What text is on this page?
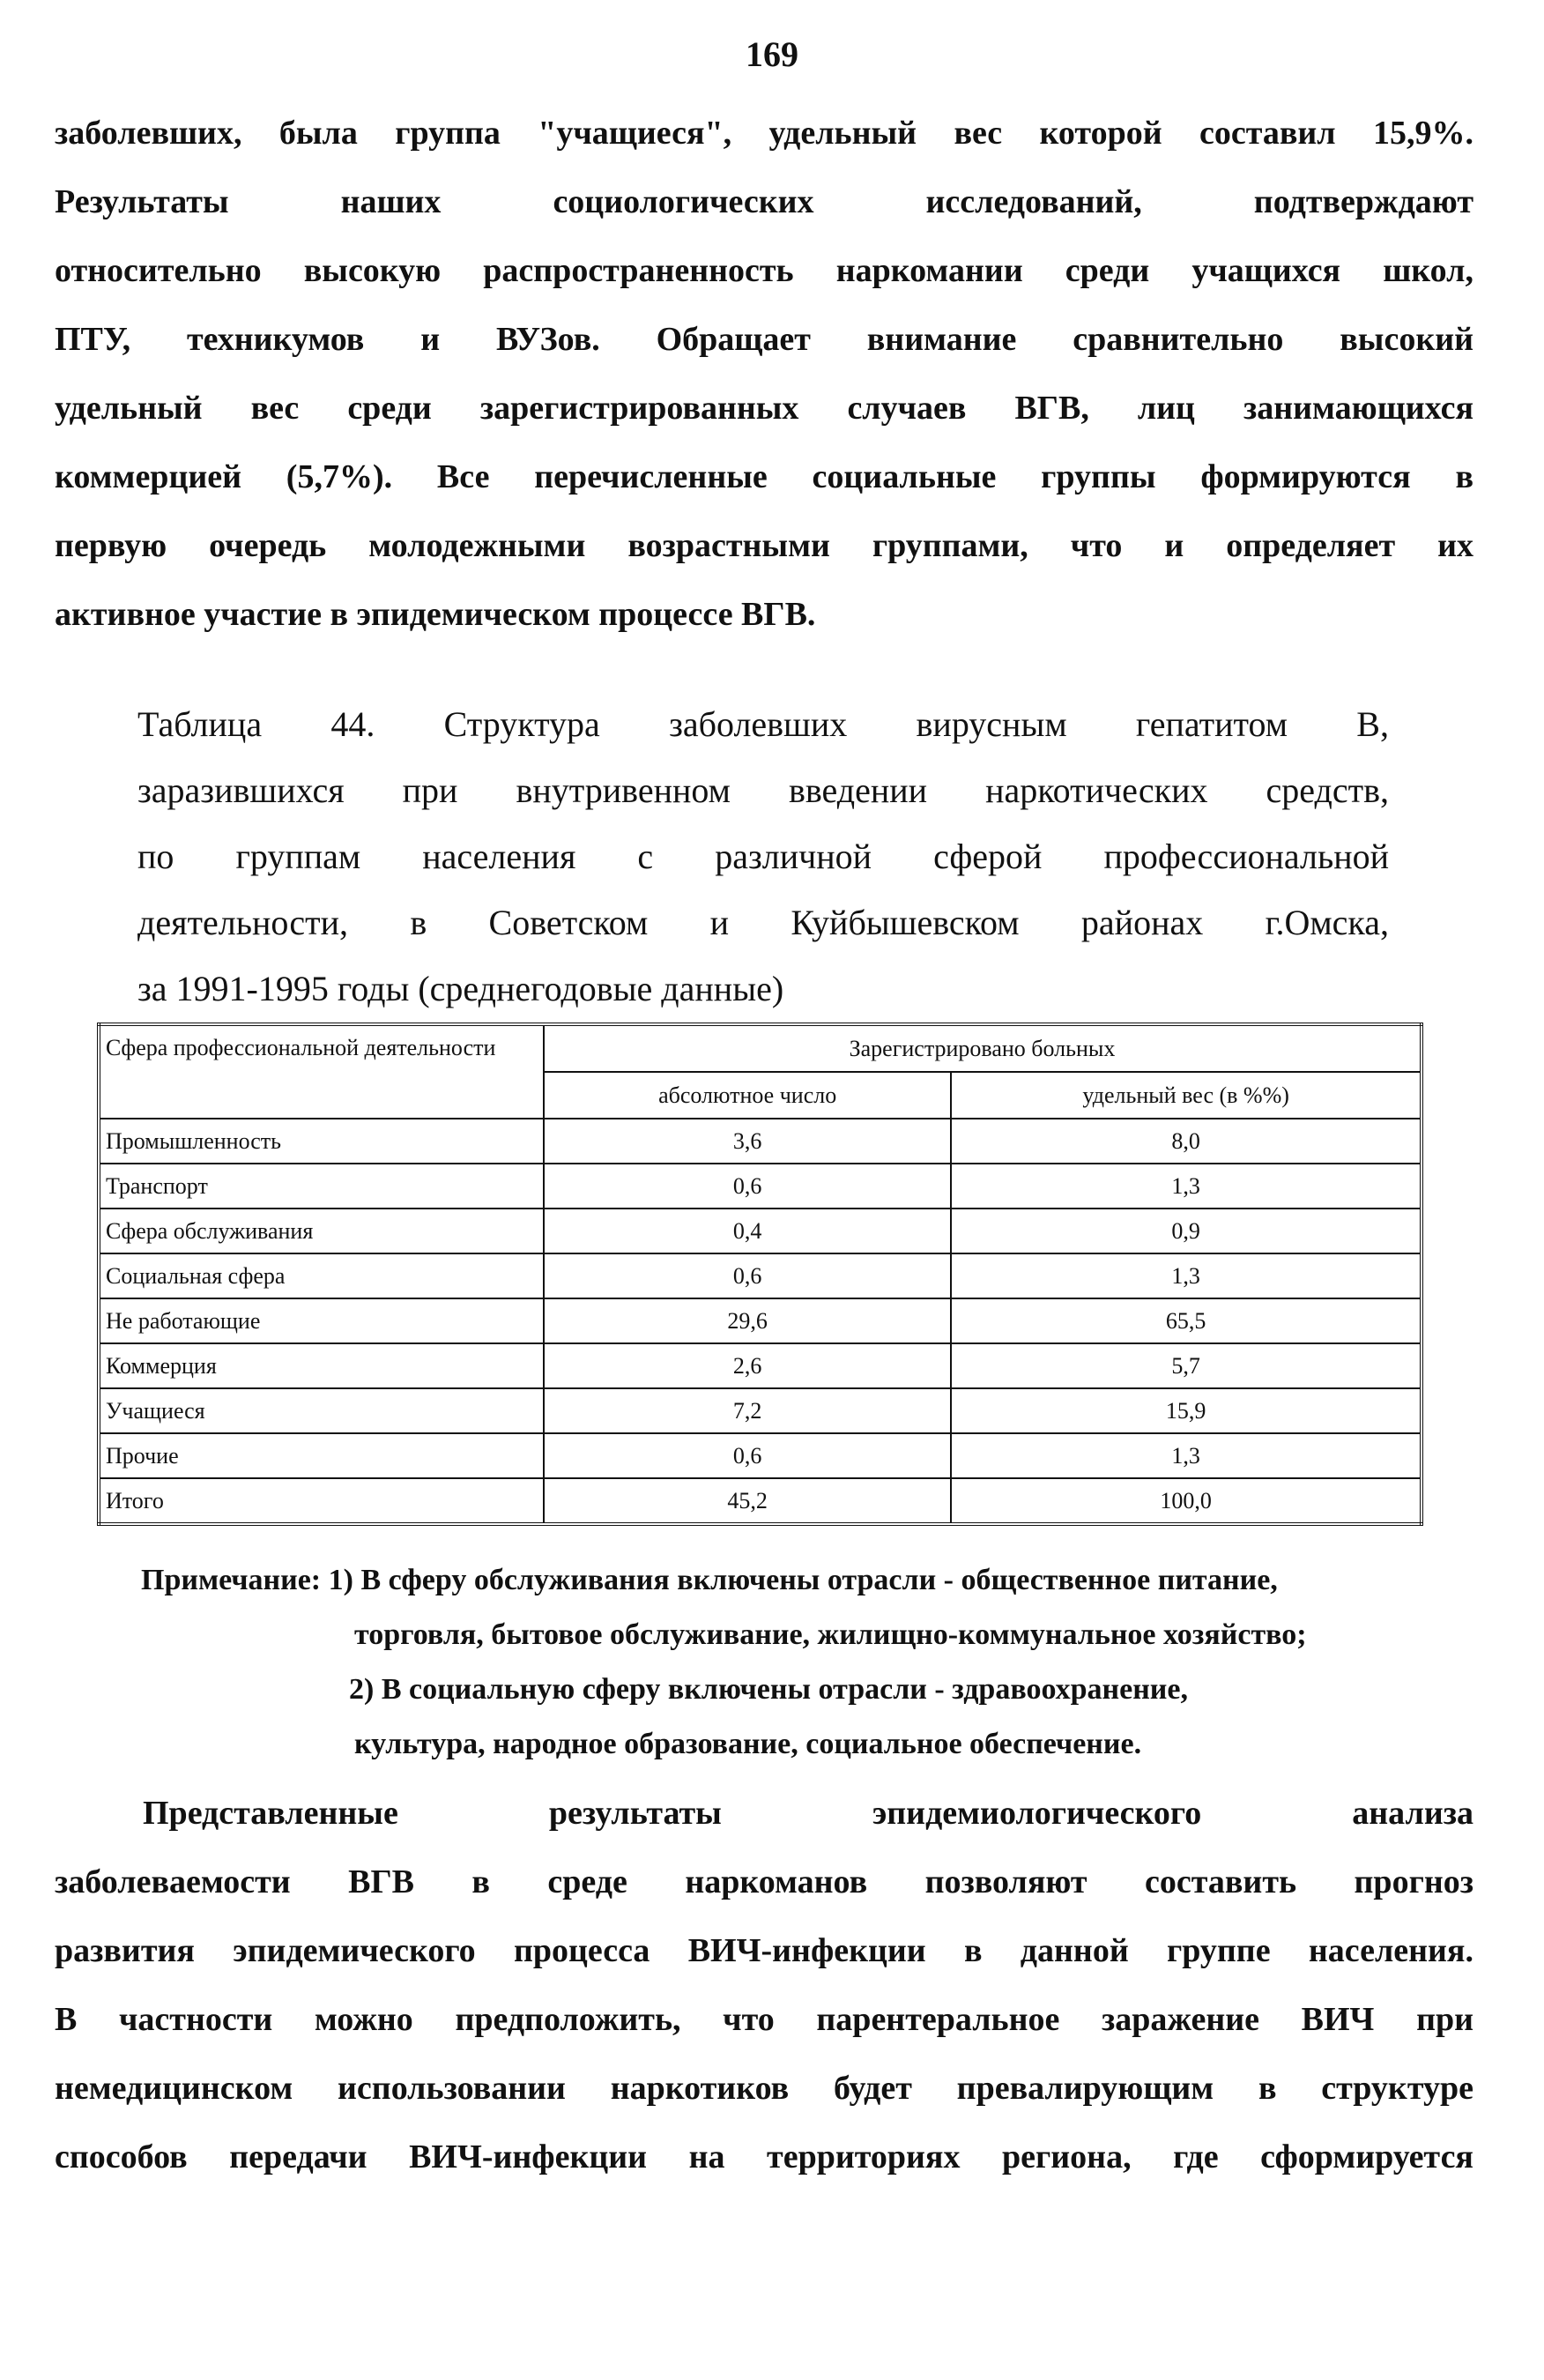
169
заболевших, была группа "учащиеся", удельный вес которой составил 15,9%.
Результаты наших социологических исследований, подтверждают
относительно высокую распространенность наркомании среди учащихся школ,
ПТУ, техникумов и ВУЗов. Обращает внимание сравнительно высокий
удельный вес среди зарегистрированных случаев ВГВ, лиц занимающихся
коммерцией (5,7%). Все перечисленные социальные группы формируются в
первую очередь молодежными возрастными группами, что и определяет их
активное участие в эпидемическом процессе ВГВ.
Таблица 44. Структура заболевших вирусным гепатитом В,
заразившихся при внутривенном введении наркотических средств,
по группам населения с различной сферой профессиональной
деятельности, в Советском и Куйбышевском районах г.Омска,
за 1991-1995 годы (среднегодовые данные)
Сфера профессиональной деятельности	Зарегистрировано больных	
	абсолютное число	удельный вес (в %%)
Промышленность	3,6	8,0
Транспорт	0,6	1,3
Сфера обслуживания	0,4	0,9
Социальная сфера	0,6	1,3
Не работающие	29,6	65,5
Коммерция	2,6	5,7
Учащиеся	7,2	15,9
Прочие	0,6	1,3
Итого	45,2	100,0
Примечание: 1) В сферу обслуживания включены отрасли - общественное питание,
торговля, бытовое обслуживание, жилищно-коммунальное хозяйство;
2) В социальную сферу включены отрасли - здравоохранение,
культура, народное образование, социальное обеспечение.
Представленные результаты эпидемиологического анализа
заболеваемости ВГВ в среде наркоманов позволяют составить прогноз
развития эпидемического процесса ВИЧ-инфекции в данной группе населения.
В частности можно предположить, что парентеральное заражение ВИЧ при
немедицинском использовании наркотиков будет превалирующим в структуре
способов передачи ВИЧ-инфекции на территориях региона, где сформируется
